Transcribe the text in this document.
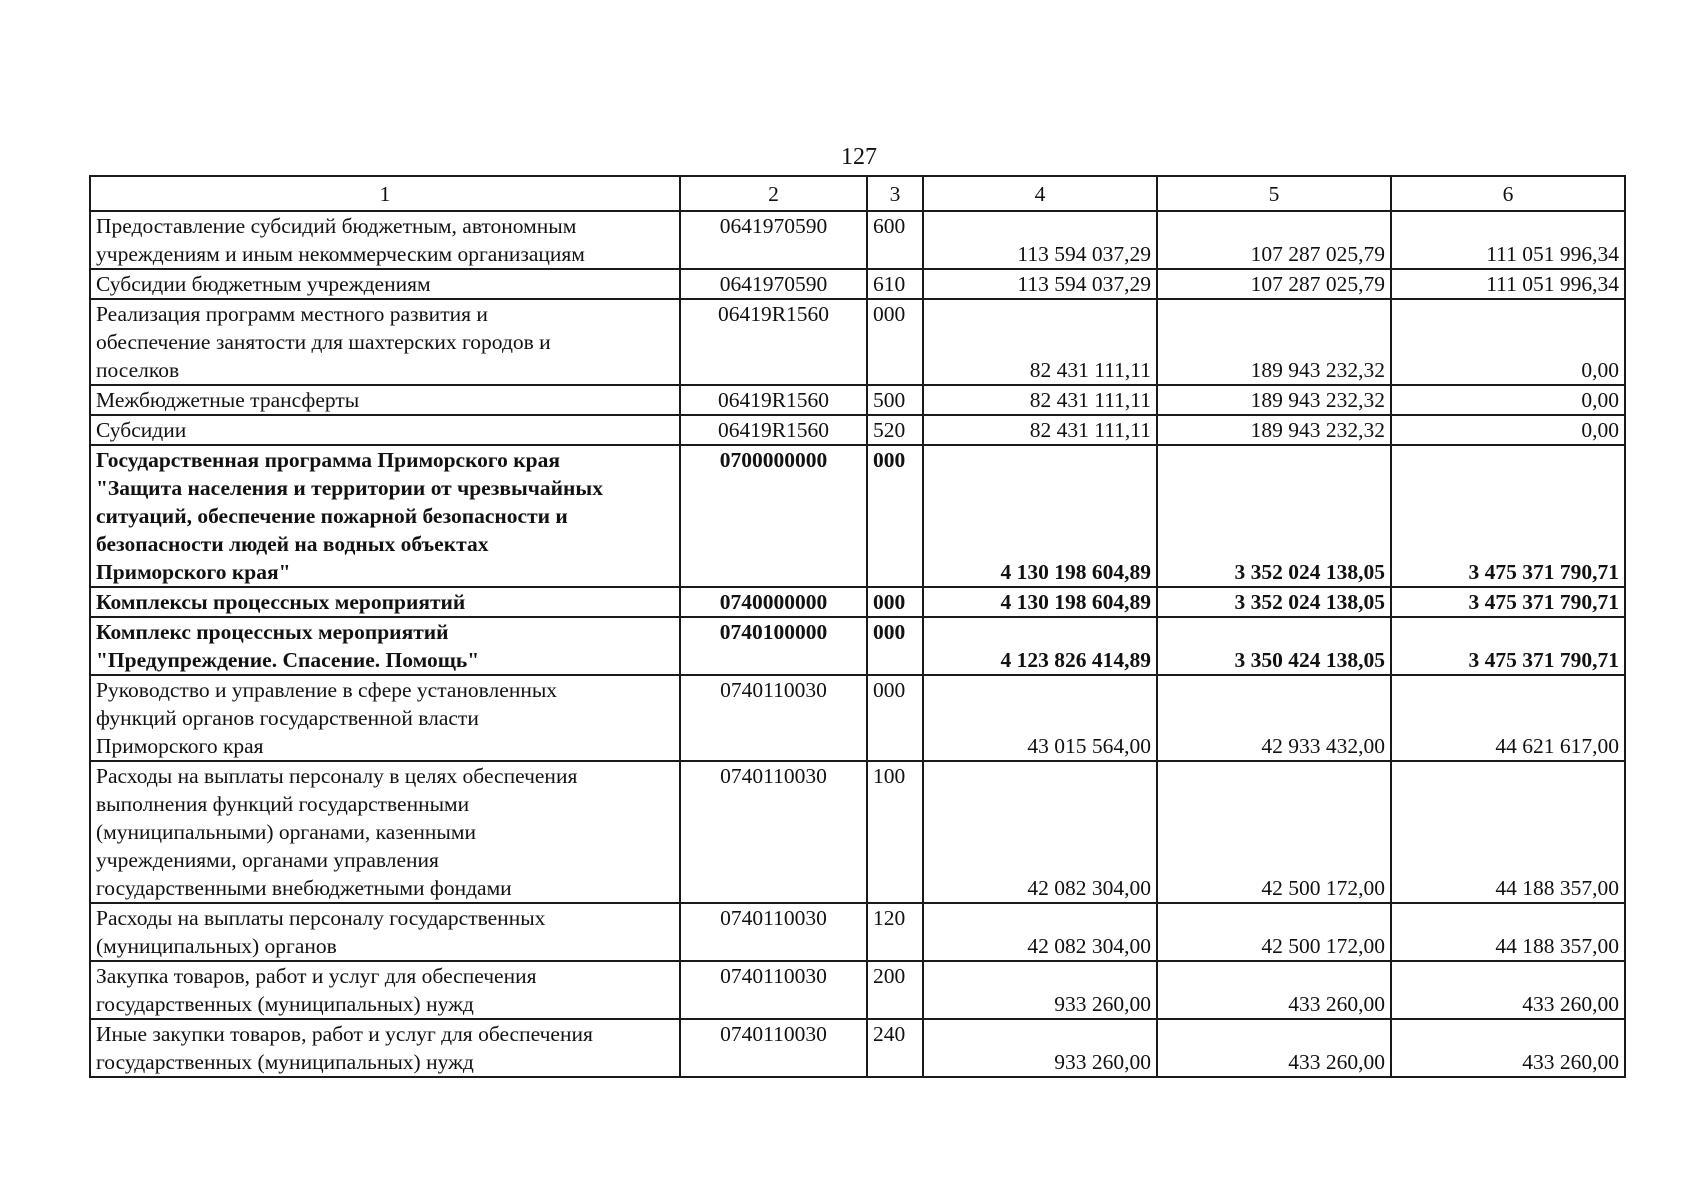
127
1	2	3	4	5	6

Предоставление субсидий бюджетным, автономным
учреждениям и иным некоммерческим организациям	0641970590	600	113 594 037,29	107 287 025,79	111 051 996,34

Субсидии бюджетным учреждениям	0641970590	610	113 594 037,29	107 287 025,79	111 051 996,34

Реализация программ местного развития и
обеспечение занятости для шахтерских городов и
поселков	06419R1560	000	82 431 111,11	189 943 232,32	0,00

Межбюджетные трансферты	06419R1560	500	82 431 111,11	189 943 232,32	0,00

Субсидии	06419R1560	520	82 431 111,11	189 943 232,32	0,00

Государственная программа Приморского края
"Защита населения и территории от чрезвычайных
ситуаций, обеспечение пожарной безопасности и
безопасности людей на водных объектах
Приморского края"	0700000000	000	4 130 198 604,89	3 352 024 138,05	3 475 371 790,71

Комплексы процессных мероприятий	0740000000	000	4 130 198 604,89	3 352 024 138,05	3 475 371 790,71

Комплекс процессных мероприятий
"Предупреждение. Спасение. Помощь"	0740100000	000	4 123 826 414,89	3 350 424 138,05	3 475 371 790,71

Руководство и управление в сфере установленных
функций органов государственной власти
Приморского края	0740110030	000	43 015 564,00	42 933 432,00	44 621 617,00

Расходы на выплаты персоналу в целях обеспечения
выполнения функций государственными
(муниципальными) органами, казенными
учреждениями, органами управления
государственными внебюджетными фондами	0740110030	100	42 082 304,00	42 500 172,00	44 188 357,00

Расходы на выплаты персоналу государственных
(муниципальных) органов	0740110030	120	42 082 304,00	42 500 172,00	44 188 357,00

Закупка товаров, работ и услуг для обеспечения
государственных (муниципальных) нужд	0740110030	200	933 260,00	433 260,00	433 260,00

Иные закупки товаров, работ и услуг для обеспечения
государственных (муниципальных) нужд	0740110030	240	933 260,00	433 260,00	433 260,00
